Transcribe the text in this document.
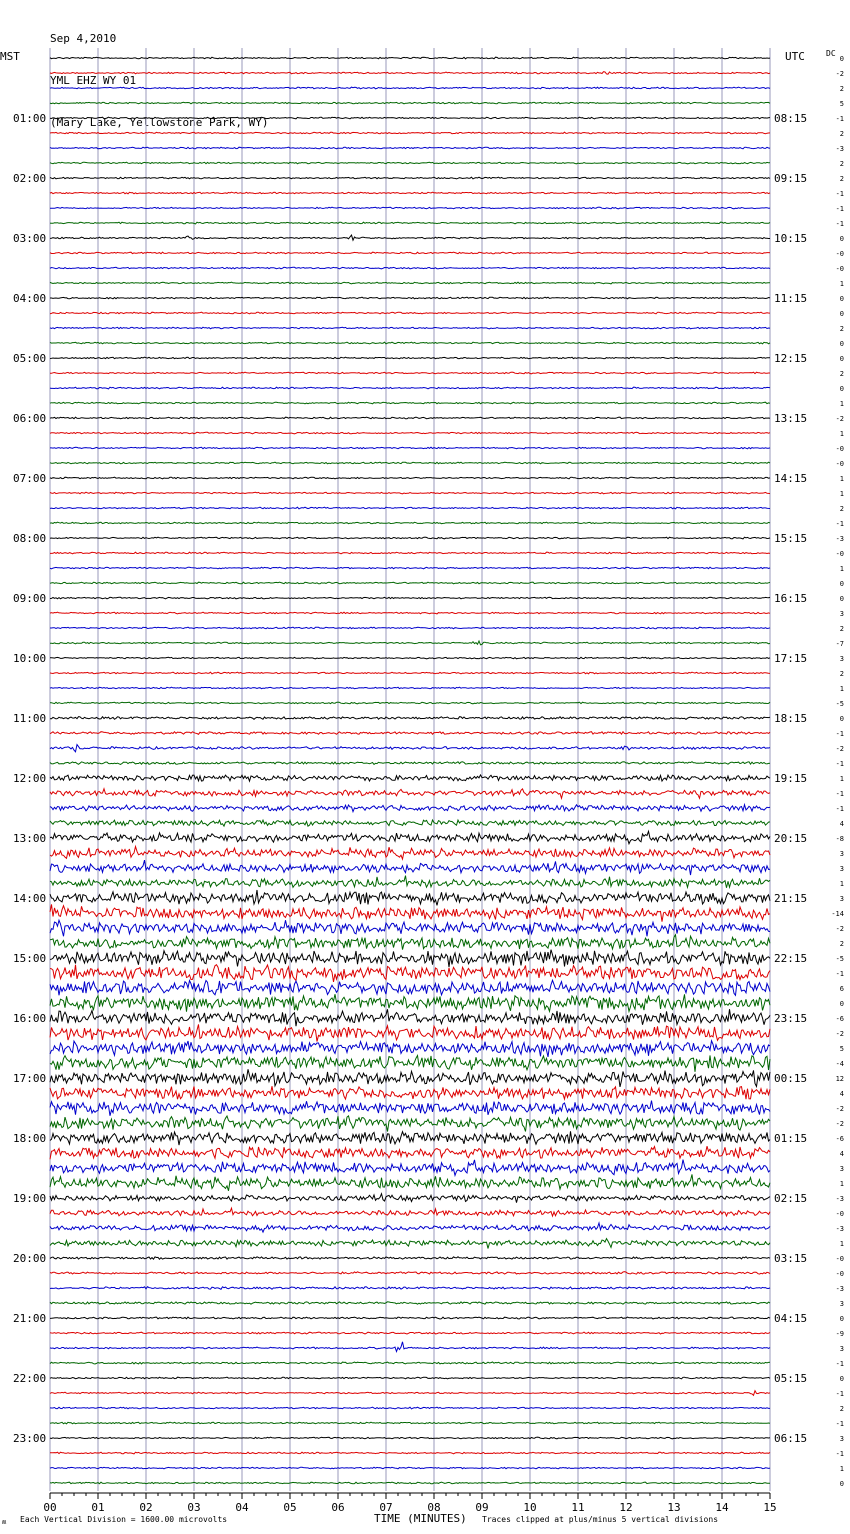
Sep 4,2010

YML EHZ WY 01

(Mary Lake, Yellowstone Park, WY)

01:00
02:00
03:00
04:00
05:00
06:00
07:00
08:00
09:00
10:00
11:00
12:00
13:00
14:00
15:00
16:00
17:00
18:00
19:00
20:00
21:00
22:00
23:00
08:15
09:15
10:15
11:15
12:15
13:15
14:15
15:15
16:15
17:15
18:15
19:15
20:15
21:15
22:15
23:15
00:15
01:15
02:15
03:15
04:15
05:15
06:15
0
-2
2
5
-1
2
-3
2
2
-1
-1
-1
0
-0
-0
1
0
0
2
0
0
2
0
1
-2
1
-0
-0
1
1
2
-1
-3
-0
1
0
0
3
2
-7
3
2
1
-5
0
-1
-2
-1
1
-1
-1
4
-8
3
3
1
3
-14
-2
2
-5
-1
6
0
-6
-2
5
-4
12
4
-2
-2
-6
4
3
1
-3
-0
-3
1
-0
-0
-3
3
0
-9
3
-1
0
-1
2
-1
3
-1
1
0
00	01	02	03	04	05	06	07	08	09	10	11	12	13	14	15
MST	UTC	DC
TIME (MINUTES)
ʍ Each Vertical Division = 1600.00 microvolts	Traces clipped at plus/minus 5 vertical divisions
